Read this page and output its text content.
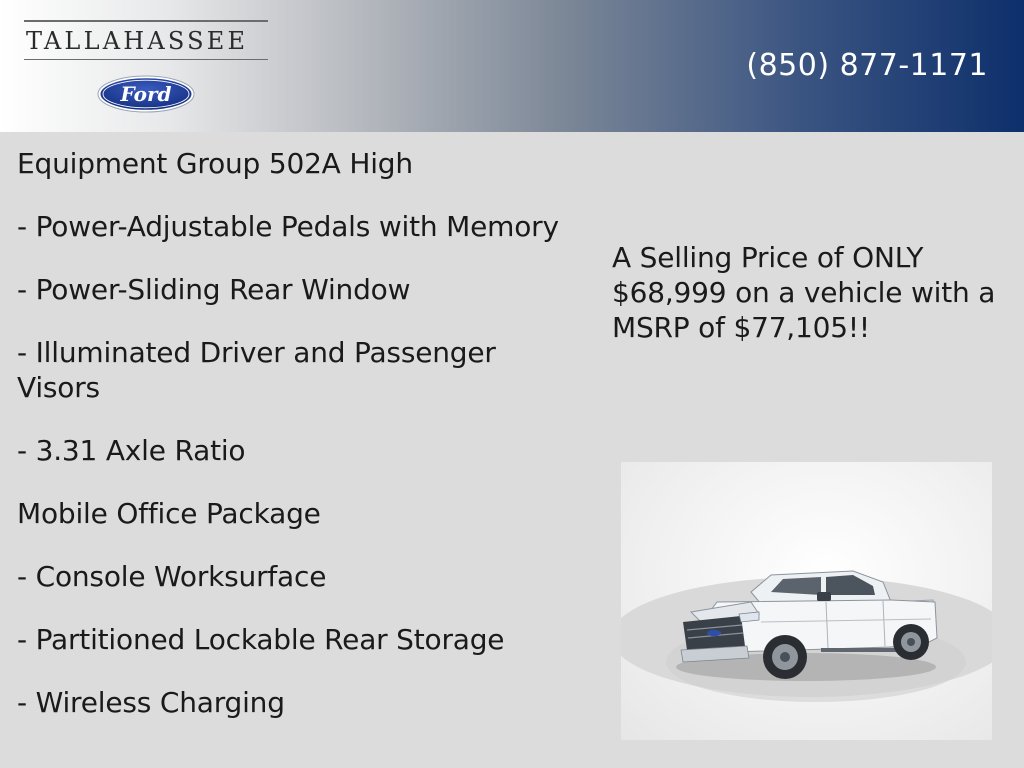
TALLAHASSEE
Ford
(850) 877-1171
Equipment Group 502A High
- Power-Adjustable Pedals with Memory
- Power-Sliding Rear Window
- Illuminated Driver and Passenger Visors
- 3.31 Axle Ratio
Mobile Office Package
- Console Worksurface
- Partitioned Lockable Rear Storage
- Wireless Charging
A Selling Price of ONLY $68,999 on a vehicle with a MSRP of $77,105!!
